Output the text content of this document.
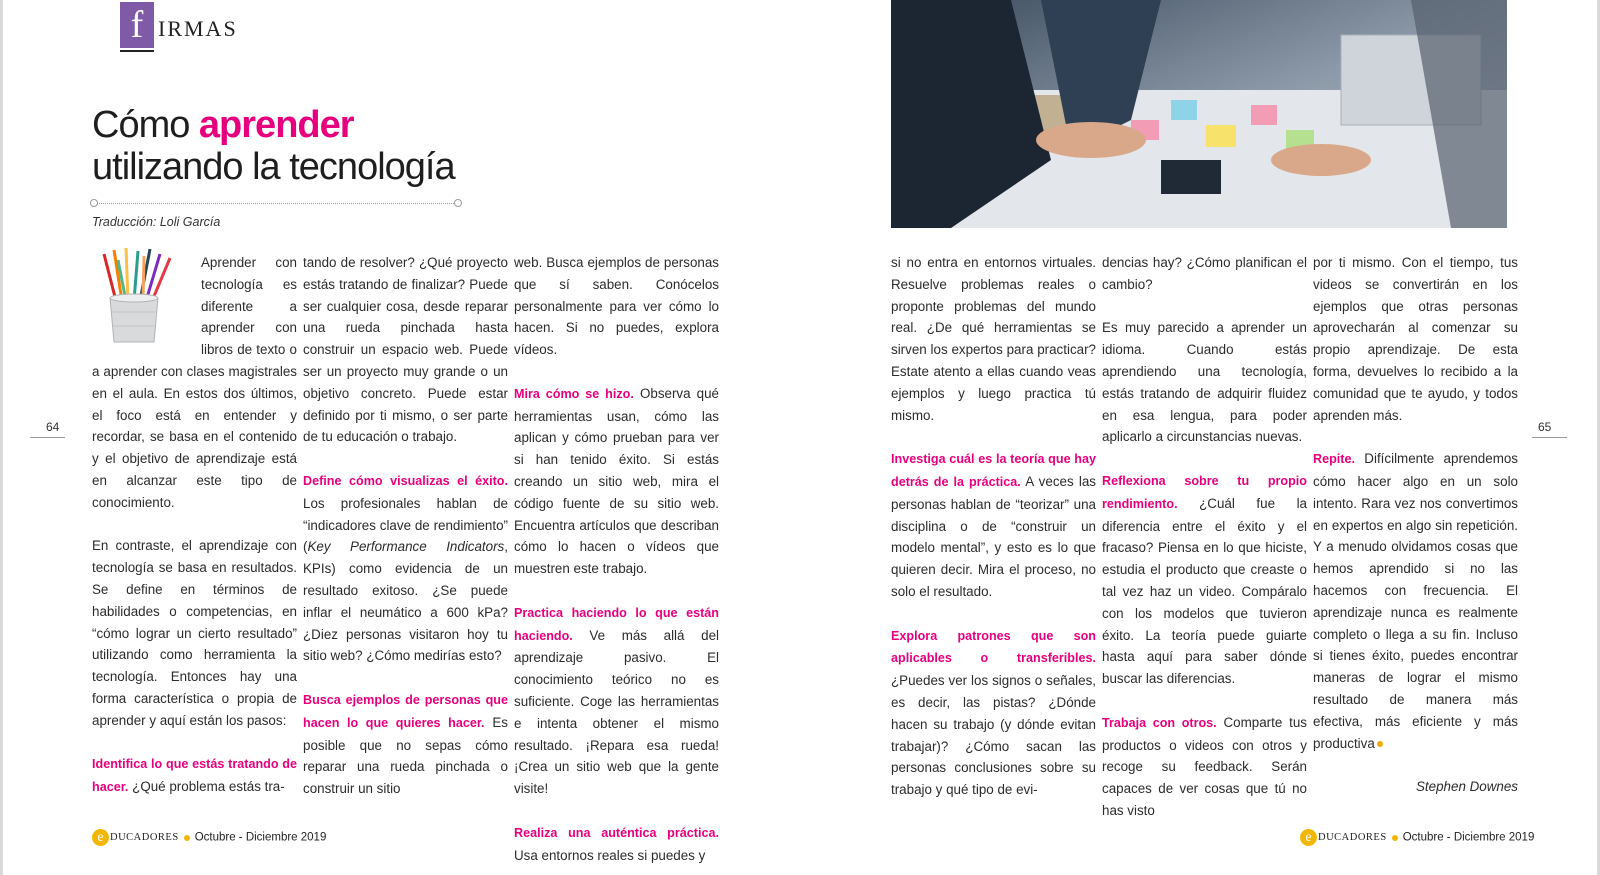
f IRMAS
Cómo aprender
utilizando la tecnología
Traducción: Loli García
64	65

Aprender con tecnología es diferente a aprender con libros de texto o a aprender con clases magistrales en el aula. En estos dos últimos, el foco está en entender y recordar, se basa en el contenido y el objetivo de aprendizaje está en alcanzar este tipo de conocimiento.

En contraste, el aprendizaje con tecnología se basa en resultados. Se define en términos de habilidades o competencias, en “cómo lograr un cierto resultado” utilizando como herramienta la tecnología. Entonces hay una forma característica o propia de aprender y aquí están los pasos:

Identifica lo que estás tratando de hacer. ¿Qué problema estás tra-

tando de resolver? ¿Qué proyecto estás tratando de finalizar? Puede ser cualquier cosa, desde reparar una rueda pinchada hasta construir un espacio web. Puede ser un proyecto muy grande o un objetivo concreto. Puede estar definido por ti mismo, o ser parte de tu educación o trabajo.

Define cómo visualizas el éxito. Los profesionales hablan de “indicadores clave de rendimiento” (Key Performance Indicators, KPIs) como evidencia de un resultado exitoso. ¿Se puede inflar el neumático a 600 kPa? ¿Diez personas visitaron hoy tu sitio web? ¿Cómo medirías esto?

Busca ejemplos de personas que hacen lo que quieres hacer. Es posible que no sepas cómo reparar una rueda pinchada o construir un sitio

web. Busca ejemplos de personas que sí saben. Conócelos personalmente para ver cómo lo hacen. Si no puedes, explora vídeos.

Mira cómo se hizo. Observa qué herramientas usan, cómo las aplican y cómo prueban para ver si han tenido éxito. Si estás creando un sitio web, mira el código fuente de su sitio web. Encuentra artículos que describan cómo lo hacen o vídeos que muestren este trabajo.

Practica haciendo lo que están haciendo. Ve más allá del aprendizaje pasivo. El conocimiento teórico no es suficiente. Coge las herramientas e intenta obtener el mismo resultado. ¡Repara esa rueda! ¡Crea un sitio web que la gente visite!

Realiza una auténtica práctica. Usa entornos reales si puedes y

si no entra en entornos virtuales. Resuelve problemas reales o proponte problemas del mundo real. ¿De qué herramientas se sirven los expertos para practicar? Estate atento a ellas cuando veas ejemplos y luego practica tú mismo.

Investiga cuál es la teoría que hay detrás de la práctica. A veces las personas hablan de “teorizar” una disciplina o de “construir un modelo mental”, y esto es lo que quieren decir. Mira el proceso, no solo el resultado.

Explora patrones que son aplicables o transferibles. ¿Puedes ver los signos o señales, es decir, las pistas? ¿Dónde hacen su trabajo (y dónde evitan trabajar)? ¿Cómo sacan las personas conclusiones sobre su trabajo y qué tipo de evi-

dencias hay? ¿Cómo planifican el cambio?

Es muy parecido a aprender un idioma. Cuando estás aprendiendo una tecnología, estás tratando de adquirir fluidez en esa lengua, para poder aplicarlo a circunstancias nuevas.

Reflexiona sobre tu propio rendimiento. ¿Cuál fue la diferencia entre el éxito y el fracaso? Piensa en lo que hiciste, estudia el producto que creaste o tal vez haz un video. Compáralo con los modelos que tuvieron éxito. La teoría puede guiarte hasta aquí para saber dónde buscar las diferencias.

Trabaja con otros. Comparte tus productos o videos con otros y recoge su feedback. Serán capaces de ver cosas que tú no has visto

por ti mismo. Con el tiempo, tus videos se convertirán en los ejemplos que otras personas aprovecharán al comenzar su propio aprendizaje. De esta forma, devuelves lo recibido a la comunidad que te ayudo, y todos aprenden más.

Repite. Difícilmente aprendemos cómo hacer algo en un solo intento. Rara vez nos convertimos en expertos en algo sin repetición. Y a menudo olvidamos cosas que hemos aprendido si no las hacemos con frecuencia. El aprendizaje nunca es realmente completo o llega a su fin. Incluso si tienes éxito, puedes encontrar maneras de lograr el mismo resultado de manera más efectiva, más eficiente y más productiva

Stephen Downes

e DUCADORES Octubre - Diciembre 2019	e DUCADORES Octubre - Diciembre 2019
